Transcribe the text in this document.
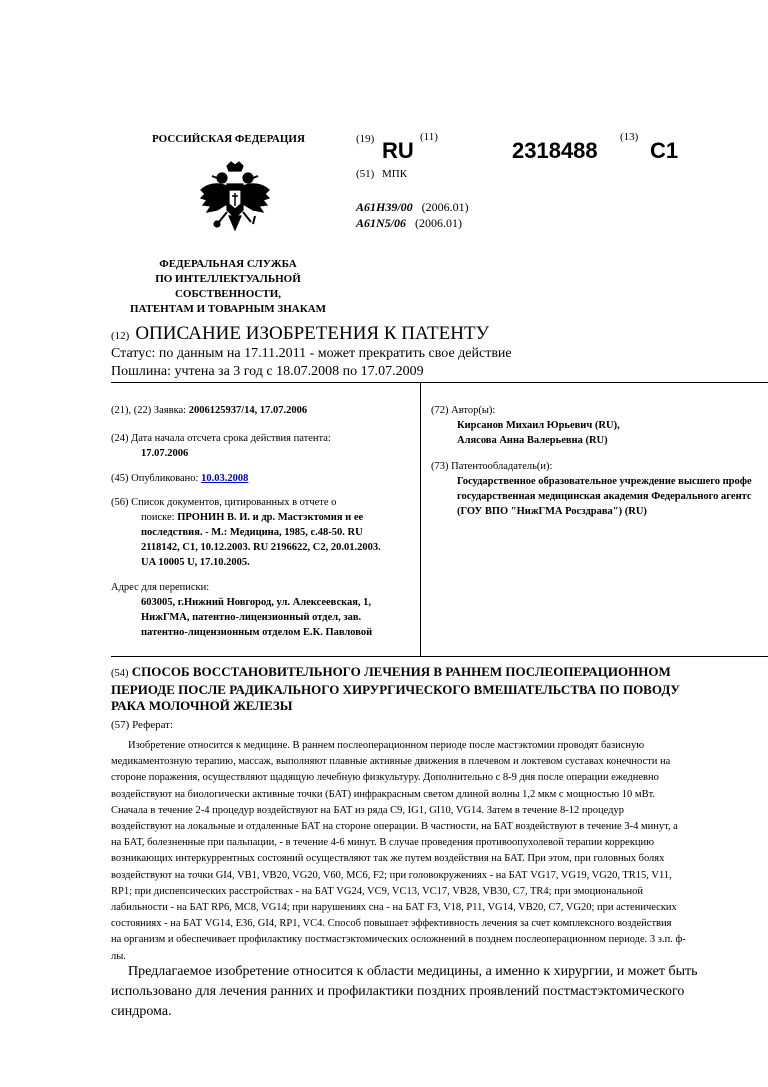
РОССИЙСКАЯ ФЕДЕРАЦИЯ
ФЕДЕРАЛЬНАЯ СЛУЖБА
ПО ИНТЕЛЛЕКТУАЛЬНОЙ
СОБСТВЕННОСТИ,
ПАТЕНТАМ И ТОВАРНЫМ ЗНАКАМ
(19) RU
(11)
2318488
(13)
C1
(51) МПК
A61H39/00 (2006.01)
A61N5/06 (2006.01)
(12) ОПИСАНИЕ ИЗОБРЕТЕНИЯ К ПАТЕНТУ
Статус: по данным на 17.11.2011 - может прекратить свое действие
Пошлина: учтена за 3 год с 18.07.2008 по 17.07.2009
(21), (22) Заявка: 2006125937/14, 17.07.2006
(24) Дата начала отсчета срока действия патента:
17.07.2006
(45) Опубликовано: 10.03.2008
(56) Список документов, цитированных в отчете о
поиске: ПРОНИН В. И. и др. Mастэктомия и ее
последствия. - М.: Медицина, 1985, с.48-50. RU
2118142, C1, 10.12.2003. RU 2196622, C2, 20.01.2003.
UA 10005 U, 17.10.2005.
Адрес для переписки:
603005, г.Нижний Новгород, ул. Алексеевская, 1,
НижГМА, патентно-лицензионный отдел, зав.
патентно-лицензионным отделом Е.К. Павловой
(72) Автор(ы):
Кирсанов Михаил Юрьевич (RU),
Алясова Анна Валерьевна (RU)
(73) Патентообладатель(и):
Государственное образовательное учреждение высшего профе
государственная медицинская академия Федерального агентс
(ГОУ ВПО "НижГМА Росздрава") (RU)
(54) СПОСОБ ВОССТАНОВИТЕЛЬНОГО ЛЕЧЕНИЯ В РАННЕМ ПОСЛЕОПЕРАЦИОННОМ
ПЕРИОДЕ ПОСЛЕ РАДИКАЛЬНОГО ХИРУРГИЧЕСКОГО ВМЕШАТЕЛЬСТВА ПО ПОВОДУ
РАКА МОЛОЧНОЙ ЖЕЛЕЗЫ
(57) Реферат:
Изобретение относится к медицине. В раннем послеоперационном периоде после мастэктомии проводят базисную
медикаментозную терапию, массаж, выполняют плавные активные движения в плечевом и локтевом суставах конечности на
стороне поражения, осуществляют щадящую лечебную физкультуру. Дополнительно с 8-9 дня после операции ежедневно
воздействуют на биологически активные точки (БАТ) инфракрасным светом длиной волны 1,2 мкм с мощностью 10 мВт.
Сначала в течение 2-4 процедур воздействуют на БАТ из ряда C9, IG1, GI10, VG14. Затем в течение 8-12 процедур
воздействуют на локальные и отдаленные БАТ на стороне операции. В частности, на БАТ воздействуют в течение 3-4 минут, а
на БАТ, болезненные при пальпации, - в течение 4-6 минут. В случае проведения противоопухолевой терапии коррекцию
возникающих интеркуррентных состояний осуществляют так же путем воздействия на БАТ. При этом, при головных болях
воздействуют на точки GI4, VB1, VB20, VG20, V60, MC6, F2; при головокружениях - на БАТ VG17, VG19, VG20, TR15, V11,
RP1; при диспепсических расстройствах - на БАТ VG24, VC9, VC13, VC17, VB28, VB30, C7, TR4; при эмоциональной
лабильности - на БАТ RP6, MC8, VG14; при нарушениях сна - на БАТ F3, V18, P11, VG14, VB20, C7, VG20; при астенических
состояниях - на БАТ VG14, E36, GI4, RP1, VC4. Способ повышает эффективность лечения за счет комплексного воздействия
на организм и обеспечивает профилактику постмастэктомических осложнений в позднем послеоперационном периоде. 3 з.п. ф-
лы.
Предлагаемое изобретение относится к области медицины, а именно к хирургии, и может быть
использовано для лечения ранних и профилактики поздних проявлений постмастэктомического
синдрома.
